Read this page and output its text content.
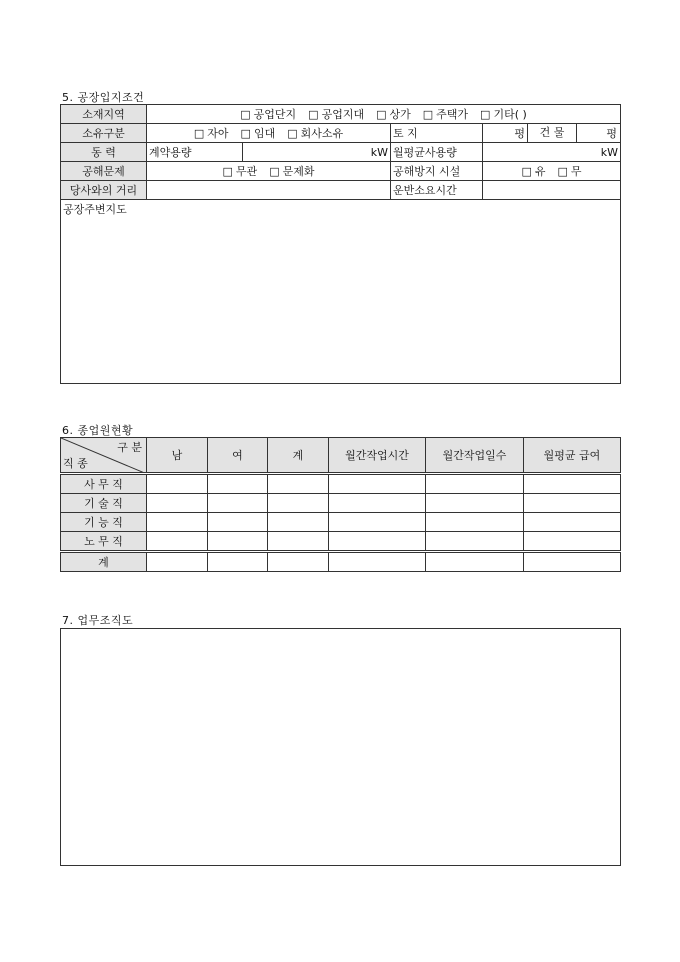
5. 공장입지조건
소재지역	□ 공업단지 □ 공업지대 □ 상가 □ 주택가 □ 기타( )
소유구분	□ 자아 □ 임대 □ 회사소유		토 지	평	건 물 평

동 력	계약용량	kW	월평균사용량	kW	
공해문제	□ 무관 □ 문제화		공해방지 시설	□ 유 □ 무
당사와의 거리			운반소요시간		
공장주변지도					
6. 종업원현황
구 분
직 종	남	여	계	월간작업시간	월간작업일수	월평균 급여
사 무 직						
기 술 직						
기 능 직						
노 무 직						
계						
7. 업무조직도
